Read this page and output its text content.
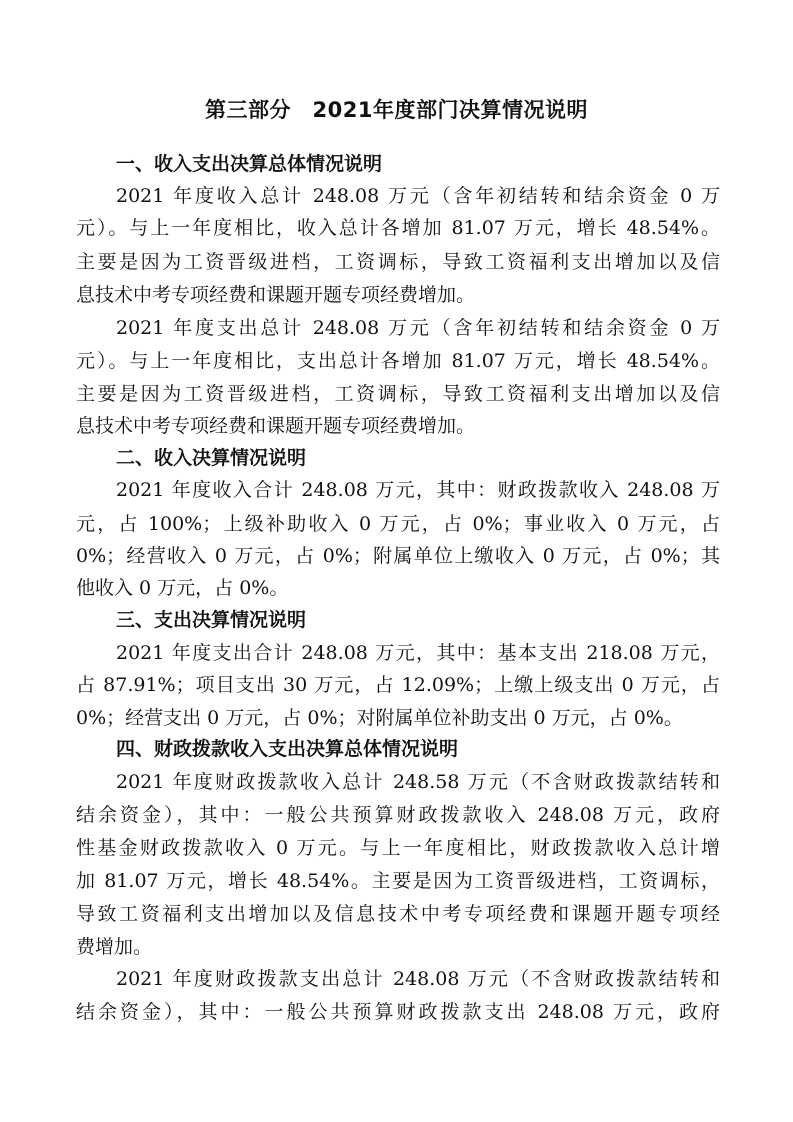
第三部分　2021年度部门决算情况说明
一、收入支出决算总体情况说明
2021 年度收入总计 248.08 万元（含年初结转和结余资金 0 万
元）。与上一年度相比，收入总计各增加 81.07 万元，增长 48.54%。
主要是因为工资晋级进档，工资调标，导致工资福利支出增加以及信
息技术中考专项经费和课题开题专项经费增加。
2021 年度支出总计 248.08 万元（含年初结转和结余资金 0 万
元）。与上一年度相比，支出总计各增加 81.07 万元，增长 48.54%。
主要是因为工资晋级进档，工资调标，导致工资福利支出增加以及信
息技术中考专项经费和课题开题专项经费增加。
二、收入决算情况说明
2021 年度收入合计 248.08 万元，其中：财政拨款收入 248.08 万
元，占 100%；上级补助收入 0 万元，占 0%；事业收入 0 万元，占
0%；经营收入 0 万元，占 0%；附属单位上缴收入 0 万元，占 0%；其
他收入 0 万元，占 0%。
三、支出决算情况说明
2021 年度支出合计 248.08 万元，其中：基本支出 218.08 万元，
占 87.91%；项目支出 30 万元，占 12.09%；上缴上级支出 0 万元，占
0%；经营支出 0 万元，占 0%；对附属单位补助支出 0 万元，占 0%。
四、财政拨款收入支出决算总体情况说明
2021 年度财政拨款收入总计 248.58 万元（不含财政拨款结转和
结余资金），其中：一般公共预算财政拨款收入 248.08 万元，政府
性基金财政拨款收入 0 万元。与上一年度相比，财政拨款收入总计增
加 81.07 万元，增长 48.54%。主要是因为工资晋级进档，工资调标，
导致工资福利支出增加以及信息技术中考专项经费和课题开题专项经
费增加。
2021 年度财政拨款支出总计 248.08 万元（不含财政拨款结转和
结余资金），其中：一般公共预算财政拨款支出 248.08 万元，政府
